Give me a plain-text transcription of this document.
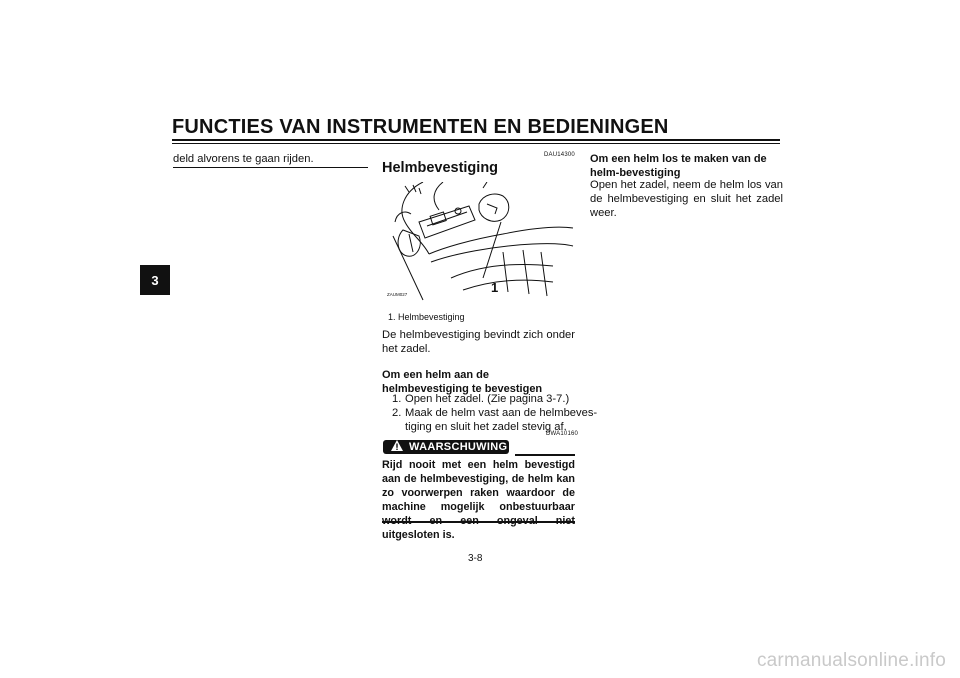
FUNCTIES VAN INSTRUMENTEN EN BEDIENINGEN
3
deld alvorens te gaan rijden.	DAU14300
Helmbevestiging
1
ZAUM027
1. Helmbevestiging
De helmbevestiging bevindt zich onder het zadel.
Om een helm aan de helmbevestiging te bevestigen
1. Open het zadel. (Zie pagina 3-7.)
2. Maak de helm vast aan de helmbeves-
tiging en sluit het zadel stevig af.
DWA10160
WAARSCHUWING
Rijd nooit met een helm bevestigd aan de helmbevestiging, de helm kan zo voorwerpen raken waardoor de machine mogelijk onbestuurbaar uitgesloten is.
Om een helm los te maken van de helm-bevestiging
Open het zadel, neem de helm los van de helmbevestiging en sluit het zadel weer.
3-8
carmanualsonline.info
